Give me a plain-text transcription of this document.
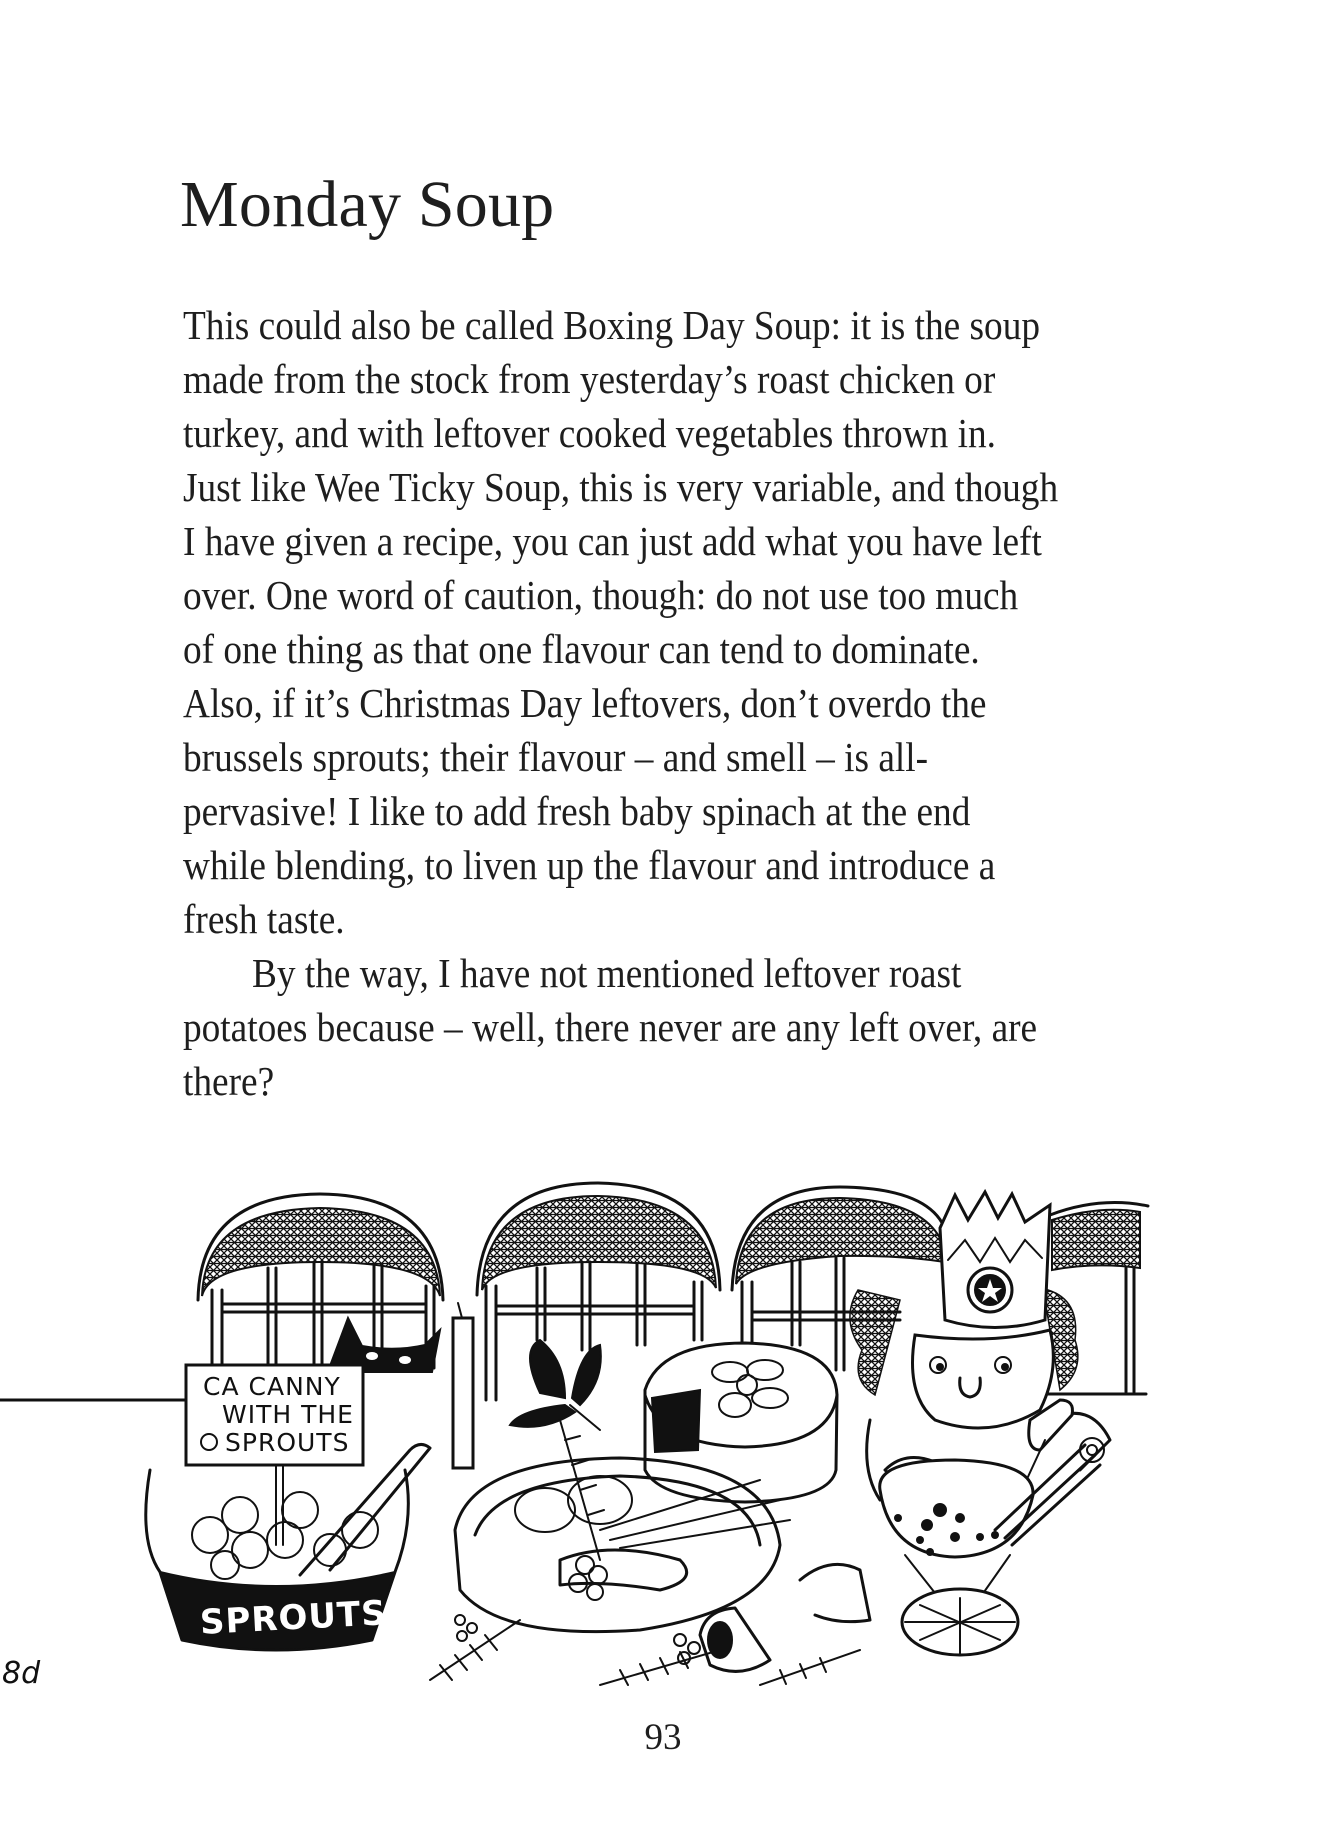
Monday Soup
This could also be called Boxing Day Soup: it is the soup
made from the stock from yesterday’s roast chicken or
turkey, and with leftover cooked vegetables thrown in.
Just like Wee Ticky Soup, this is very variable, and though
I have given a recipe, you can just add what you have left
over. One word of caution, though: do not use too much
of one thing as that one flavour can tend to dominate.
Also, if it’s Christmas Day leftovers, don’t overdo the
brussels sprouts; their flavour – and smell – is all-
pervasive! I like to add fresh baby spinach at the end
while blending, to liven up the flavour and introduce a
fresh taste.
By the way, I have not mentioned leftover roast
potatoes because – well, there never are any left over, are
there?
CA CANNY
WITH THE
SPROUTS
SPROUTS
8d
93
